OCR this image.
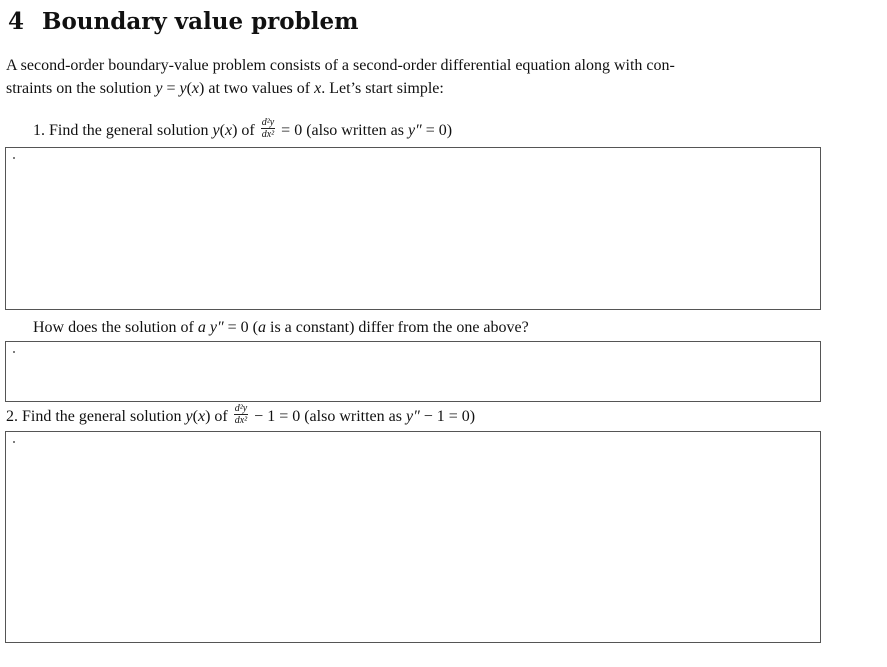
4 Boundary value problem
A second-order boundary-value problem consists of a second-order differential equation along with con-
straints on the solution y = y(x) at two values of x. Let’s start simple:
1. Find the general solution y(x) of $\frac{\text{d²y}}{\text{dx²}} = 0$ (also written as y″ = 0)
How does the solution of a y″ = 0 (a is a constant) differ from the one above?
2. Find the general solution y(x) of $\frac{\text{d²y}}{\text{dx²}} - 1 = 0$ (also written as y″ − 1 = 0)
